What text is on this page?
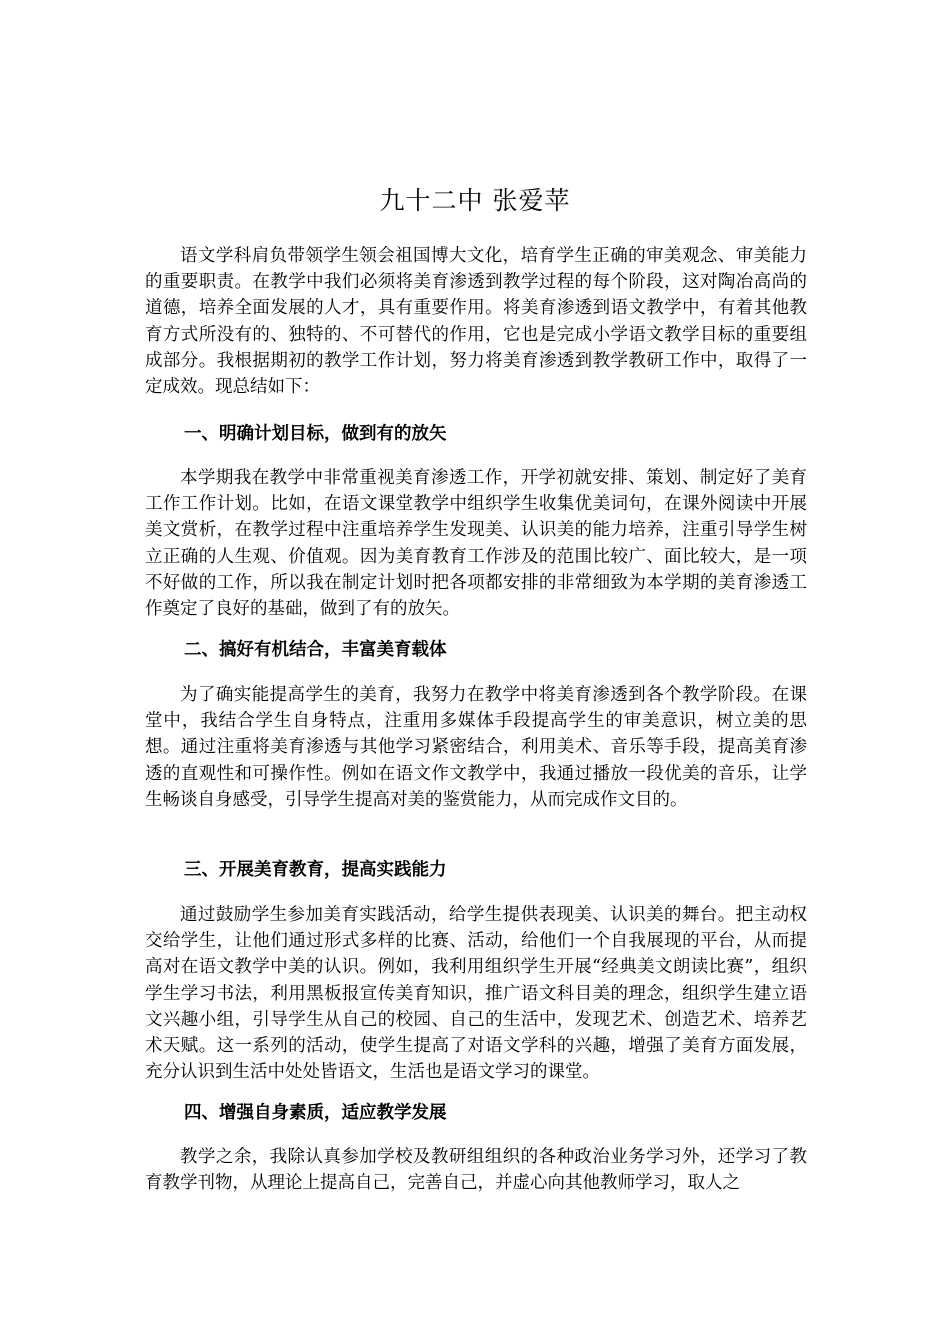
九十二中 张爱苹

语文学科肩负带领学生领会祖国博大文化，培育学生正确的审美观念、审美能力的重要职责。在教学中我们必须将美育渗透到教学过程的每个阶段，这对陶冶高尚的道德，培养全面发展的人才，具有重要作用。将美育渗透到语文教学中，有着其他教育方式所没有的、独特的、不可替代的作用，它也是完成小学语文教学目标的重要组成部分。我根据期初的教学工作计划，努力将美育渗透到教学教研工作中，取得了一定成效。现总结如下：

一、明确计划目标，做到有的放矢

本学期我在教学中非常重视美育渗透工作，开学初就安排、策划、制定好了美育工作工作计划。比如，在语文课堂教学中组织学生收集优美词句，在课外阅读中开展美文赏析，在教学过程中注重培养学生发现美、认识美的能力培养，注重引导学生树立正确的人生观、价值观。因为美育教育工作涉及的范围比较广、面比较大，是一项不好做的工作，所以我在制定计划时把各项都安排的非常细致为本学期的美育渗透工作奠定了良好的基础，做到了有的放矢。

二、搞好有机结合，丰富美育载体

为了确实能提高学生的美育，我努力在教学中将美育渗透到各个教学阶段。在课堂中，我结合学生自身特点，注重用多媒体手段提高学生的审美意识，树立美的思想。通过注重将美育渗透与其他学习紧密结合，利用美术、音乐等手段，提高美育渗透的直观性和可操作性。例如在语文作文教学中，我通过播放一段优美的音乐，让学生畅谈自身感受，引导学生提高对美的鉴赏能力，从而完成作文目的。

三、开展美育教育，提高实践能力

通过鼓励学生参加美育实践活动，给学生提供表现美、认识美的舞台。把主动权交给学生，让他们通过形式多样的比赛、活动，给他们一个自我展现的平台，从而提高对在语文教学中美的认识。例如，我利用组织学生开展“经典美文朗读比赛”，组织学生学习书法，利用黑板报宣传美育知识，推广语文科目美的理念，组织学生建立语文兴趣小组，引导学生从自己的校园、自己的生活中，发现艺术、创造艺术、培养艺术天赋。这一系列的活动，使学生提高了对语文学科的兴趣，增强了美育方面发展，充分认识到生活中处处皆语文，生活也是语文学习的课堂。

四、增强自身素质，适应教学发展

教学之余，我除认真参加学校及教研组组织的各种政治业务学习外，还学习了教育教学刊物，从理论上提高自己，完善自己，并虚心向其他教师学习，取人之
